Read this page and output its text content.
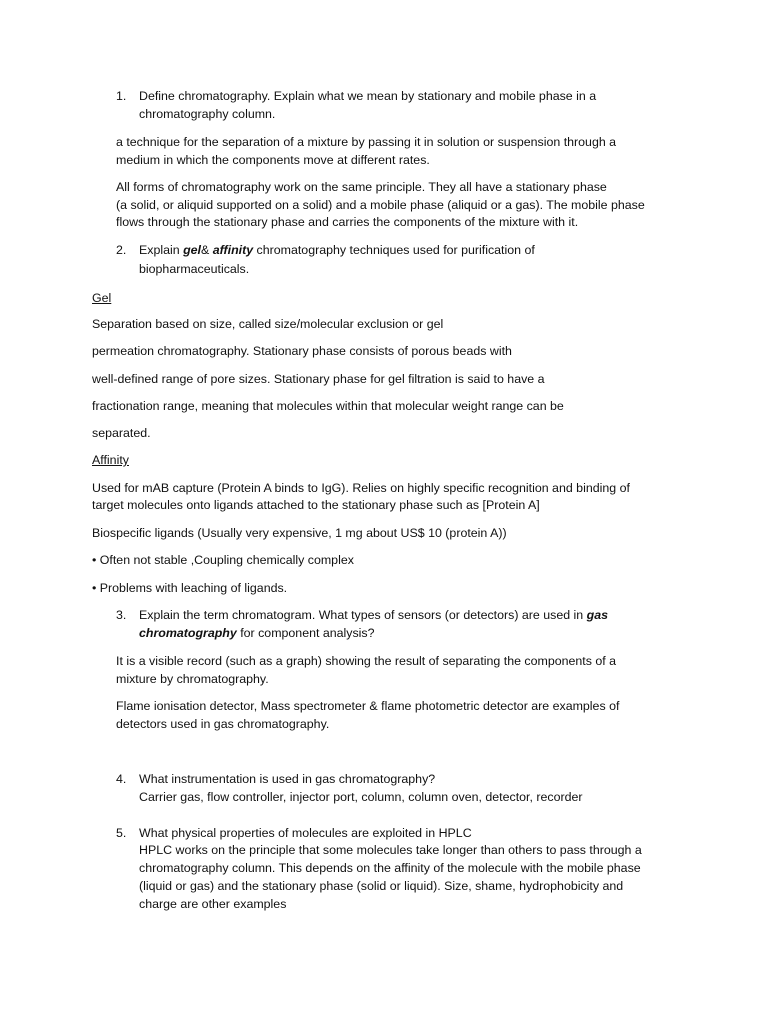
1. Define chromatography. Explain what we mean by stationary and mobile phase in a
chromatography column.
a technique for the separation of a mixture by passing it in solution or suspension through a
medium in which the components move at different rates.
All forms of chromatography work on the same principle. They all have a stationary phase
(a solid, or aliquid supported on a solid) and a mobile phase (aliquid or a gas). The mobile phase
flows through the stationary phase and carries the components of the mixture with it.
2. Explain gel& affinity chromatography techniques used for purification of
biopharmaceuticals.
Gel
Separation based on size, called size/molecular exclusion or gel
permeation chromatography. Stationary phase consists of porous beads with
well-defined range of pore sizes. Stationary phase for gel filtration is said to have a
fractionation range, meaning that molecules within that molecular weight range can be
separated.
Affinity
Used for mAB capture (Protein A binds to IgG). Relies on highly specific recognition and binding of
target molecules onto ligands attached to the stationary phase such as [Protein A]
Biospecific ligands (Usually very expensive, 1 mg about US$ 10 (protein A))
• Often not stable ,Coupling chemically complex
• Problems with leaching of ligands.
3. Explain the term chromatogram. What types of sensors (or detectors) are used in gas
chromatography for component analysis?
It is a visible record (such as a graph) showing the result of separating the components of a
mixture by chromatography.
Flame ionisation detector, Mass spectrometer & flame photometric detector are examples of
detectors used in gas chromatography.
4. What instrumentation is used in gas chromatography?
Carrier gas, flow controller, injector port, column, column oven, detector, recorder
5. What physical properties of molecules are exploited in HPLC
HPLC works on the principle that some molecules take longer than others to pass through a
chromatography column. This depends on the affinity of the molecule with the mobile phase
(liquid or gas) and the stationary phase (solid or liquid). Size, shame, hydrophobicity and
charge are other examples
